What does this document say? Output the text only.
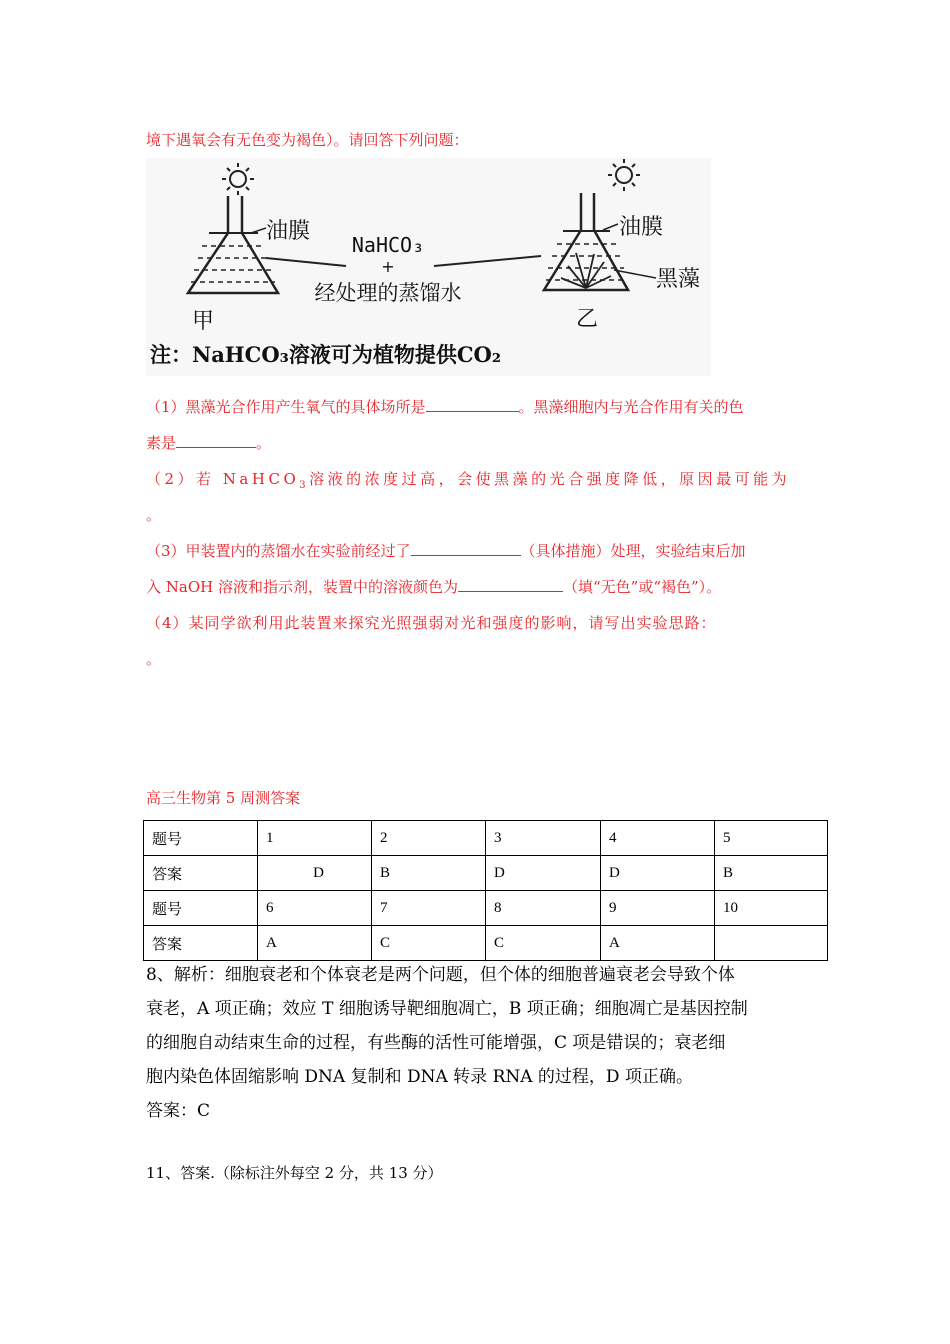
境下遇氧会有无色变为褐色）。请回答下列问题：
油膜
甲
NaHCO₃
+
经处理的蒸馏水
油膜
黑藻
乙
注：NaHCO₃溶液可为植物提供CO₂
（1）黑藻光合作用产生氧气的具体场所是	。黑藻细胞内与光合作用有关的色
素是	。
（2）若 NaHCO$_3$溶液的浓度过高，会使黑藻的光合强度降低，原因最可能为
。
（3）甲装置内的蒸馏水在实验前经过了	（具体措施）处理，实验结束后加
入 NaOH 溶液和指示剂，装置中的溶液颜色为	（填“无色”或“褐色”）。
（4）某同学欲利用此装置来探究光照强弱对光和强度的影响，请写出实验思路：
。
高三生物第 5 周测答案
题号	1	2	3	4	5
答案	D	B	D	D	B
题号	6	7	8	9	10
答案	A	C	C	A	
8、解析：细胞衰老和个体衰老是两个问题，但个体的细胞普遍衰老会导致个体
衰老，A 项正确；效应 T 细胞诱导靶细胞凋亡，B 项正确；细胞凋亡是基因控制
的细胞自动结束生命的过程，有些酶的活性可能增强，C 项是错误的；衰老细
胞内染色体固缩影响 DNA 复制和 DNA 转录 RNA 的过程，D 项正确。
答案：C
11、答案.（除标注外每空 2 分，共 13 分）
